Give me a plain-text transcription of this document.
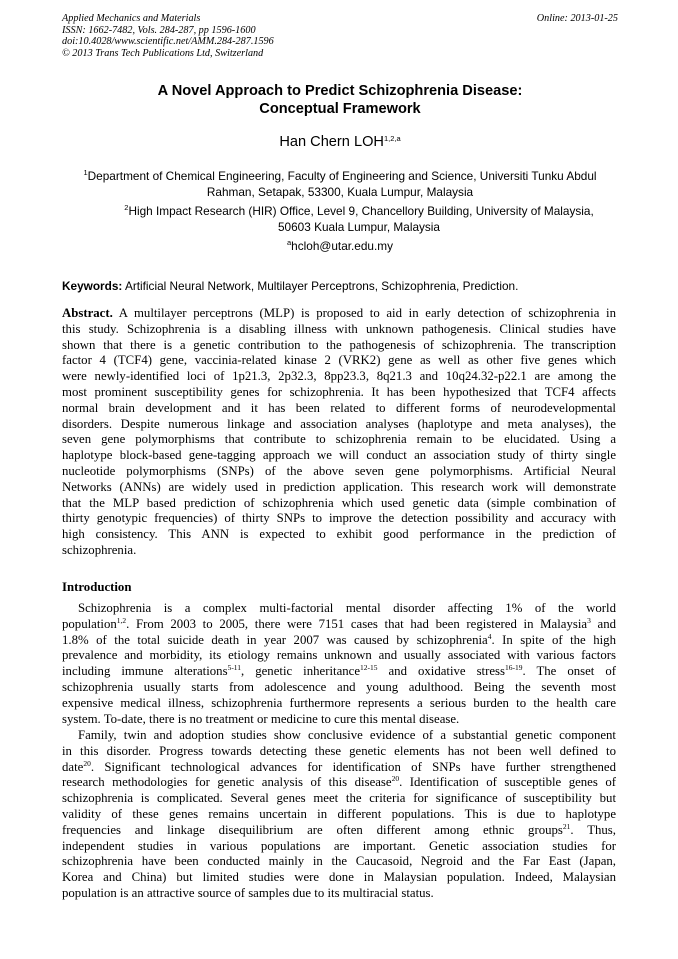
Applied Mechanics and Materials
ISSN: 1662-7482, Vols. 284-287, pp 1596-1600
doi:10.4028/www.scientific.net/AMM.284-287.1596
© 2013 Trans Tech Publications Ltd, Switzerland
Online: 2013-01-25
A Novel Approach to Predict Schizophrenia Disease:
Conceptual Framework
Han Chern LOH$^{1,2,a}$
$^1$Department of Chemical Engineering, Faculty of Engineering and Science, Universiti Tunku Abdul
Rahman, Setapak, 53300, Kuala Lumpur, Malaysia
$^2$High Impact Research (HIR) Office, Level 9, Chancellory Building, University of Malaysia,
50603 Kuala Lumpur, Malaysia
$^a$hcloh@utar.edu.my
Keywords: Artificial Neural Network, Multilayer Perceptrons, Schizophrenia, Prediction.
Abstract. A multilayer perceptrons (MLP) is proposed to aid in early detection of schizophrenia in
this study. Schizophrenia is a disabling illness with unknown pathogenesis. Clinical studies have
shown that there is a genetic contribution to the pathogenesis of schizophrenia. The transcription
factor 4 (TCF4) gene, vaccinia-related kinase 2 (VRK2) gene as well as other five genes which
were newly-identified loci of 1p21.3, 2p32.3, 8pp23.3, 8q21.3 and 10q24.32-p22.1 are among the
most prominent susceptibility genes for schizophrenia. It has been hypothesized that TCF4 affects
normal brain development and it has been related to different forms of neurodevelopmental
disorders. Despite numerous linkage and association analyses (haplotype and meta analyses), the
seven gene polymorphisms that contribute to schizophrenia remain to be elucidated. Using a
haplotype block-based gene-tagging approach we will conduct an association study of thirty single
nucleotide polymorphisms (SNPs) of the above seven gene polymorphisms. Artificial Neural
Networks (ANNs) are widely used in prediction application. This research work will demonstrate
that the MLP based prediction of schizophrenia which used genetic data (simple combination of
thirty genotypic frequencies) of thirty SNPs to improve the detection possibility and accuracy with
high consistency. This ANN is expected to exhibit good performance in the prediction of
schizophrenia.
Introduction
Schizophrenia is a complex multi-factorial mental disorder affecting 1% of the world
population$^{1,2}$. From 2003 to 2005, there were 7151 cases that had been registered in Malaysia$^3$ and
1.8% of the total suicide death in year 2007 was caused by schizophrenia$^4$. In spite of the high
prevalence and morbidity, its etiology remains unknown and usually associated with various factors
including immune alterations$^{5-11}$, genetic inheritance$^{12-15}$ and oxidative stress$^{16-19}$. The onset of
schizophrenia usually starts from adolescence and young adulthood. Being the seventh most
expensive medical illness, schizophrenia furthermore represents a serious burden to the health care
system. To-date, there is no treatment or medicine to cure this mental disease.
Family, twin and adoption studies show conclusive evidence of a substantial genetic component
in this disorder. Progress towards detecting these genetic elements has not been well defined to
date$^{20}$. Significant technological advances for identification of SNPs have further strengthened
research methodologies for genetic analysis of this disease$^{20}$. Identification of susceptible genes of
schizophrenia is complicated. Several genes meet the criteria for significance of susceptibility but
validity of these genes remains uncertain in different populations. This is due to haplotype
frequencies and linkage disequilibrium are often different among ethnic groups$^{21}$. Thus,
independent studies in various populations are important. Genetic association studies for
schizophrenia have been conducted mainly in the Caucasoid, Negroid and the Far East (Japan,
Korea and China) but limited studies were done in Malaysian population. Indeed, Malaysian
population is an attractive source of samples due to its multiracial status.
